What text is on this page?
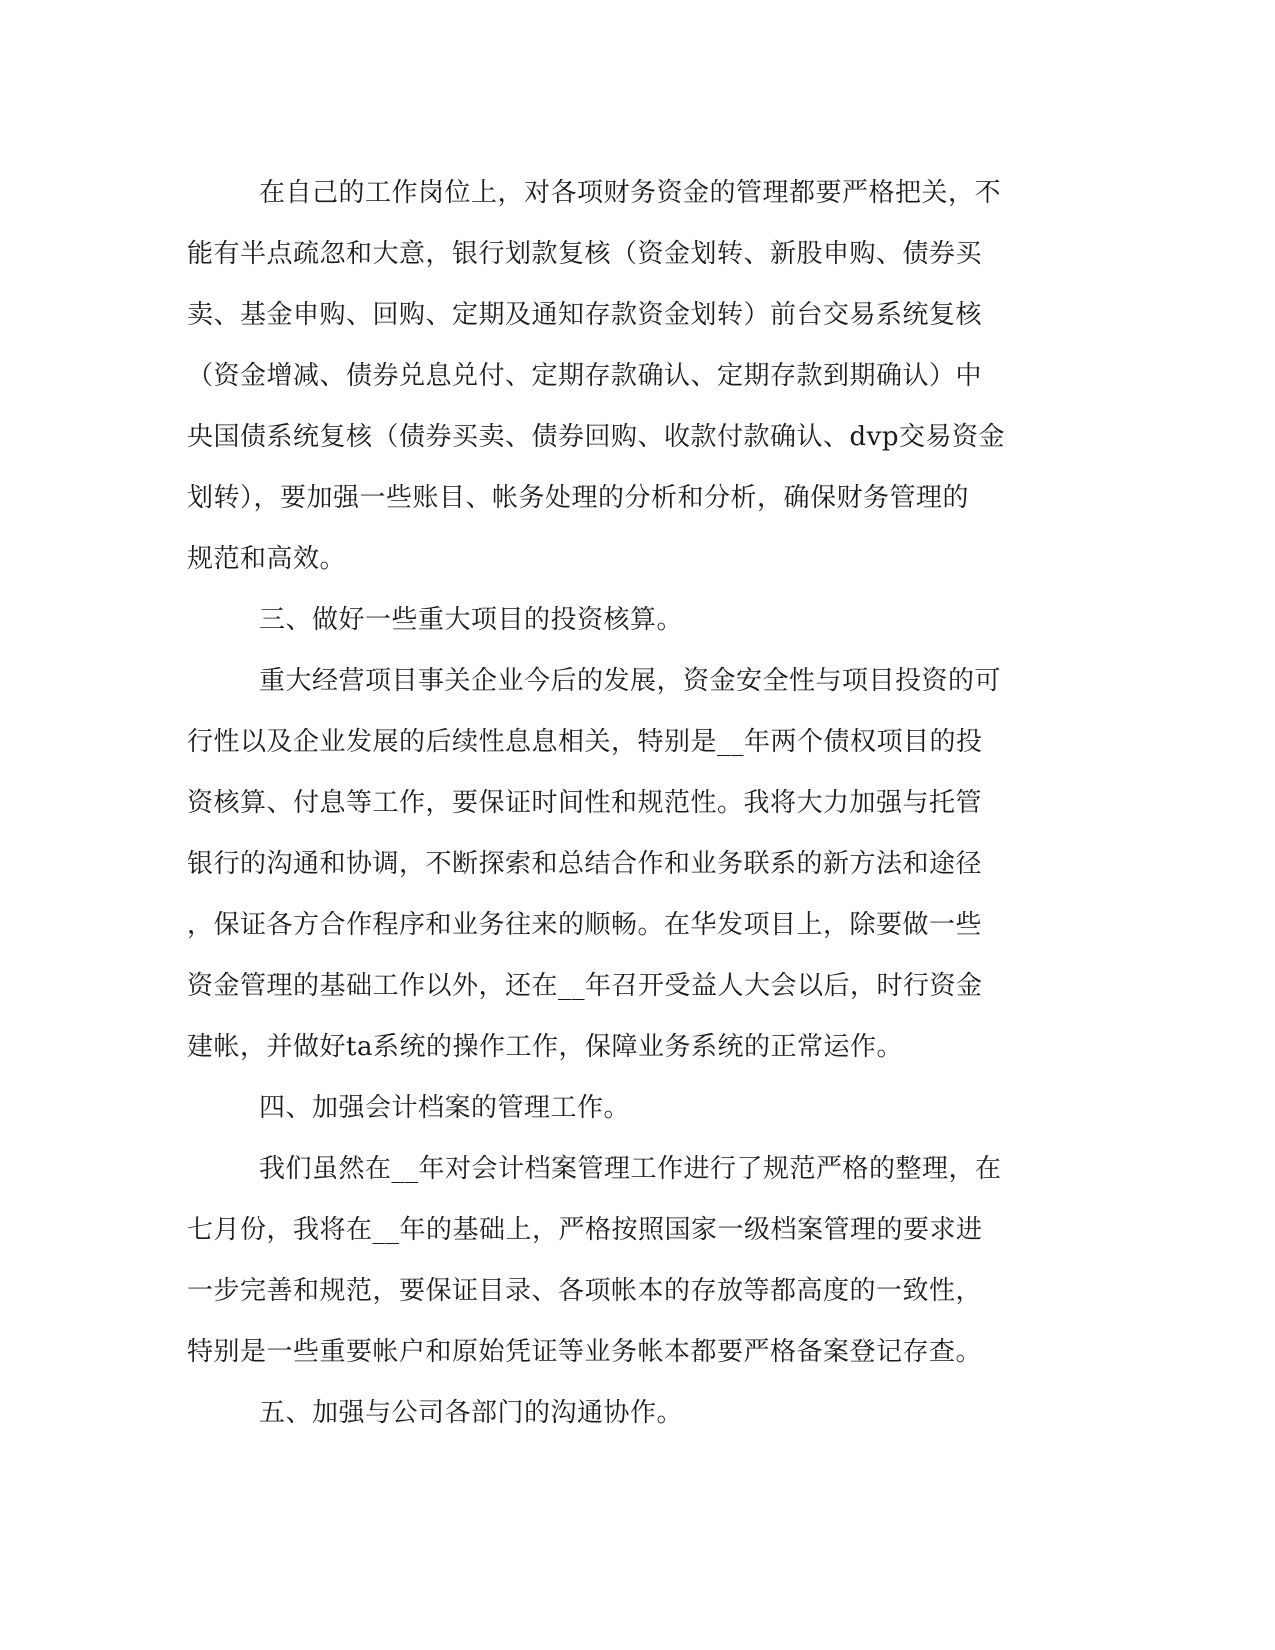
在自己的工作岗位上，对各项财务资金的管理都要严格把关，不
能有半点疏忽和大意，银行划款复核（资金划转、新股申购、债券买
卖、基金申购、回购、定期及通知存款资金划转）前台交易系统复核
（资金增减、债券兑息兑付、定期存款确认、定期存款到期确认）中
央国债系统复核（债券买卖、债券回购、收款付款确认、dvp交易资金
划转），要加强一些账目、帐务处理的分析和分析，确保财务管理的
规范和高效。
三、做好一些重大项目的投资核算。
重大经营项目事关企业今后的发展，资金安全性与项目投资的可
行性以及企业发展的后续性息息相关，特别是__年两个债权项目的投
资核算、付息等工作，要保证时间性和规范性。我将大力加强与托管
银行的沟通和协调，不断探索和总结合作和业务联系的新方法和途径
，保证各方合作程序和业务往来的顺畅。在华发项目上，除要做一些
资金管理的基础工作以外，还在__年召开受益人大会以后，时行资金
建帐，并做好ta系统的操作工作，保障业务系统的正常运作。
四、加强会计档案的管理工作。
我们虽然在__年对会计档案管理工作进行了规范严格的整理，在
七月份，我将在__年的基础上，严格按照国家一级档案管理的要求进
一步完善和规范，要保证目录、各项帐本的存放等都高度的一致性，
特别是一些重要帐户和原始凭证等业务帐本都要严格备案登记存查。
五、加强与公司各部门的沟通协作。
